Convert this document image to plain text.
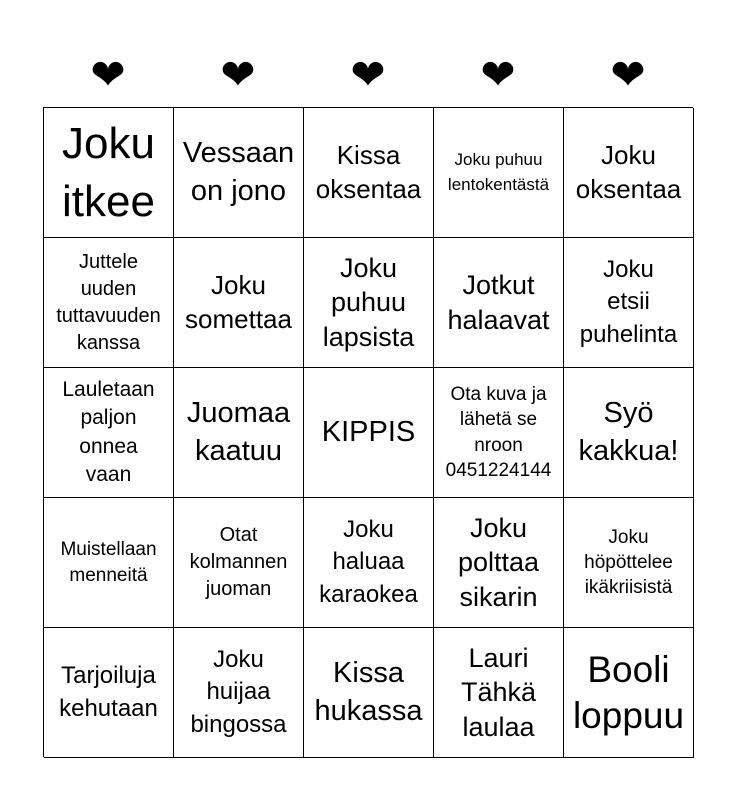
❤	❤	❤	❤	❤
Joku
itkee
Vessaan
on jono
Kissa
oksentaa
Joku puhuu
lentokentästä
Joku
oksentaa
Juttele
uuden
tuttavuuden
kanssa
Joku
somettaa
Joku
puhuu
lapsista
Jotkut
halaavat
Joku
etsii
puhelinta
Lauletaan
paljon
onnea
vaan
Juomaa
kaatuu
KIPPIS
Ota kuva ja
lähetä se
nroon
0451224144
Syö
kakkua!
Muistellaan
menneitä
Otat
kolmannen
juoman
Joku
haluaa
karaokea
Joku
polttaa
sikarin
Joku
höpöttelee
ikäkriisistä
Tarjoiluja
kehutaan
Joku
huijaa
bingossa
Kissa
hukassa
Lauri
Tähkä
laulaa
Booli
loppuu
